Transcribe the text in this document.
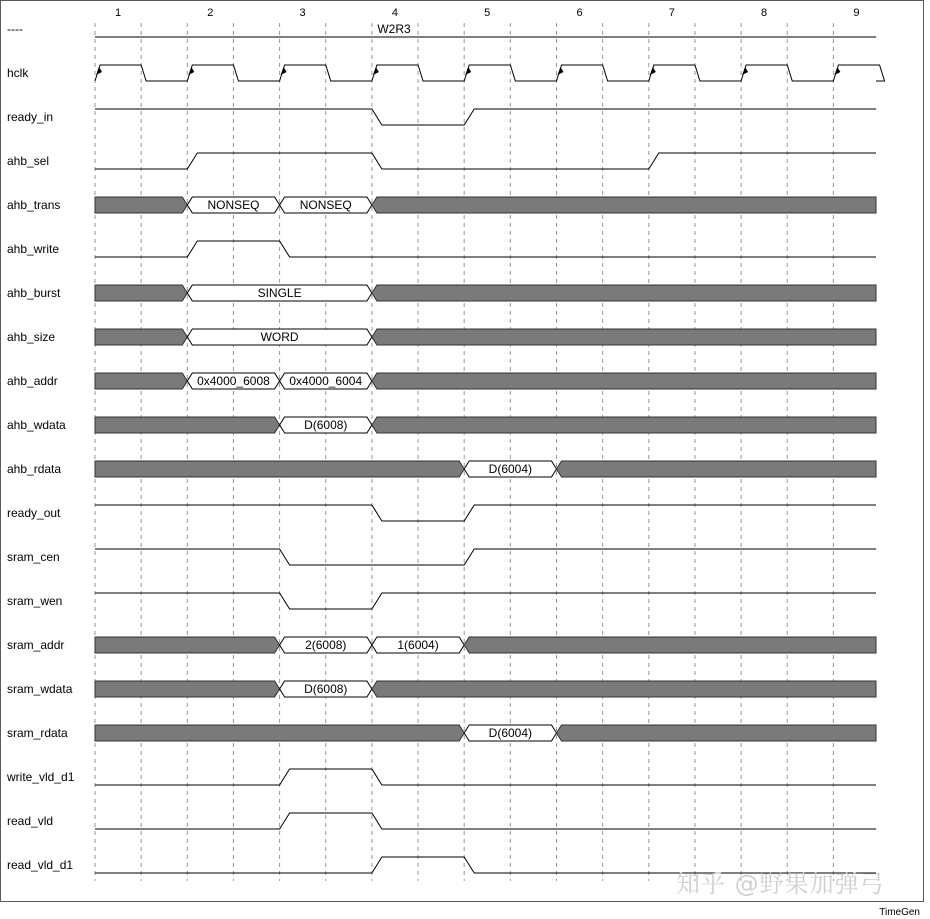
1	2	3	4	5	6	7	8	9
----	W2R3
hclk
ready_in
ahb_sel
ahb_trans	NONSEQ	NONSEQ
ahb_write
ahb_burst	SINGLE
ahb_size	WORD
ahb_addr	0x4000_6008 0x4000_6004
ahb_wdata	D(6008)
ahb_rdata	D(6004)
ready_out
sram_cen
sram_wen
sram_addr	2(6008)	1(6004)
sram_wdata	D(6008)
sram_rdata	D(6004)
write_vld_d1
read_vld
read_vld_d1
知乎 @野果加弹弓
TimeGen
